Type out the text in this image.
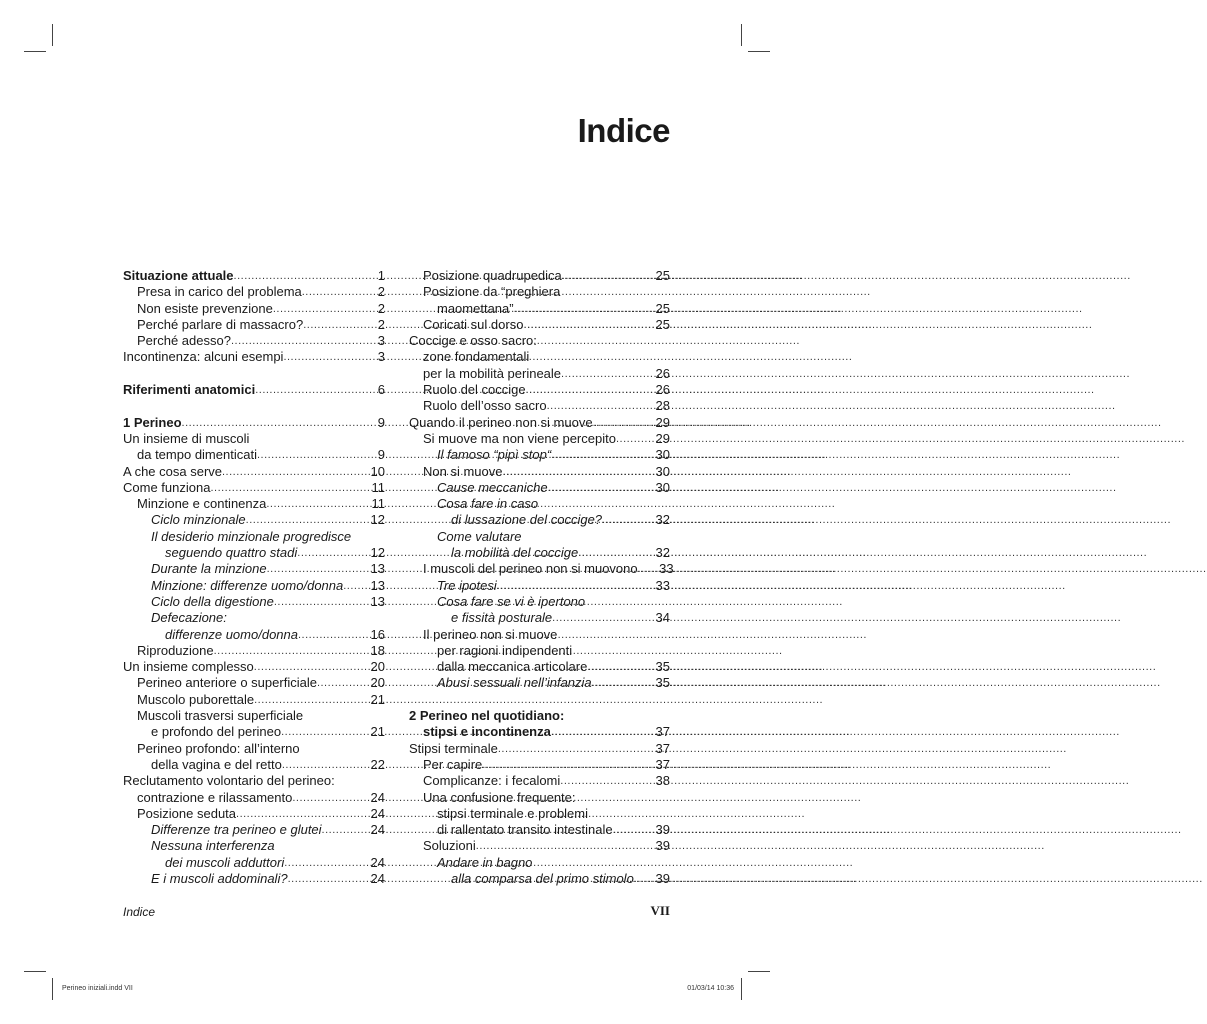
Indice
Situazione attuale .....	1
Presa in carico del problema .....	2
Non esiste prevenzione .....	2
Perché parlare di massacro? .....	2
Perché adesso? .....	3
Incontinenza: alcuni esempi .....	3
Riferimenti anatomici .....	6
1 Perineo .....	9
Un insieme di muscoli
da tempo dimenticati .....	9
A che cosa serve .....	10
Come funziona .....	11
Minzione e continenza .....	11
Ciclo minzionale .....	12
Il desiderio minzionale progredisce
seguendo quattro stadi .....	12
Durante la minzione .....	13
Minzione: differenze uomo/donna .....	13
Ciclo della digestione .....	13
Defecazione:
differenze uomo/donna .....	16
Riproduzione .....	18
Un insieme complesso .....	20
Perineo anteriore o superficiale .....	20
Muscolo puborettale .....	21
Muscoli trasversi superficiale
e profondo del perineo .....	21
Perineo profondo: all’interno
della vagina e del retto .....	22
Reclutamento volontario del perineo:
contrazione e rilassamento .....	24
Posizione seduta .....	24
Differenze tra perineo e glutei .....	24
Nessuna interferenza
dei muscoli adduttori .....	24
E i muscoli addominali? .....	24
Posizione quadrupedica .....	25
Posizione da “preghiera
maomettana” .....	25
Coricati sul dorso .....	25
Coccige e osso sacro:
zone fondamentali
per la mobilità perineale .....	26
Ruolo del coccige .....	26
Ruolo dell’osso sacro .....	28
Quando il perineo non si muove .....	29
Si muove ma non viene percepito .....	29
Il famoso “pipì stop“ .....	30
Non si muove .....	30
Cause meccaniche .....	30
Cosa fare in caso
di lussazione del coccige? .....	32
Come valutare
la mobilità del coccige .....	32
I muscoli del perineo non si muovono .....	33
Tre ipotesi .....	33
Cosa fare se vi è ipertono
e fissità posturale .....	34
Il perineo non si muove
per ragioni indipendenti
dalla meccanica articolare .....	35
Abusi sessuali nell’infanzia .....	35
2 Perineo nel quotidiano:
stipsi e incontinenza .....	37
Stipsi terminale .....	37
Per capire .....	37
Complicanze: i fecalomi .....	38
Una confusione frequente:
stipsi terminale e problemi
di rallentato transito intestinale .....	39
Soluzioni .....	39
Andare in bagno
alla comparsa del primo stimolo .....	39
Indice	VII
Perineo iniziali.indd VII	01/03/14 10:36
